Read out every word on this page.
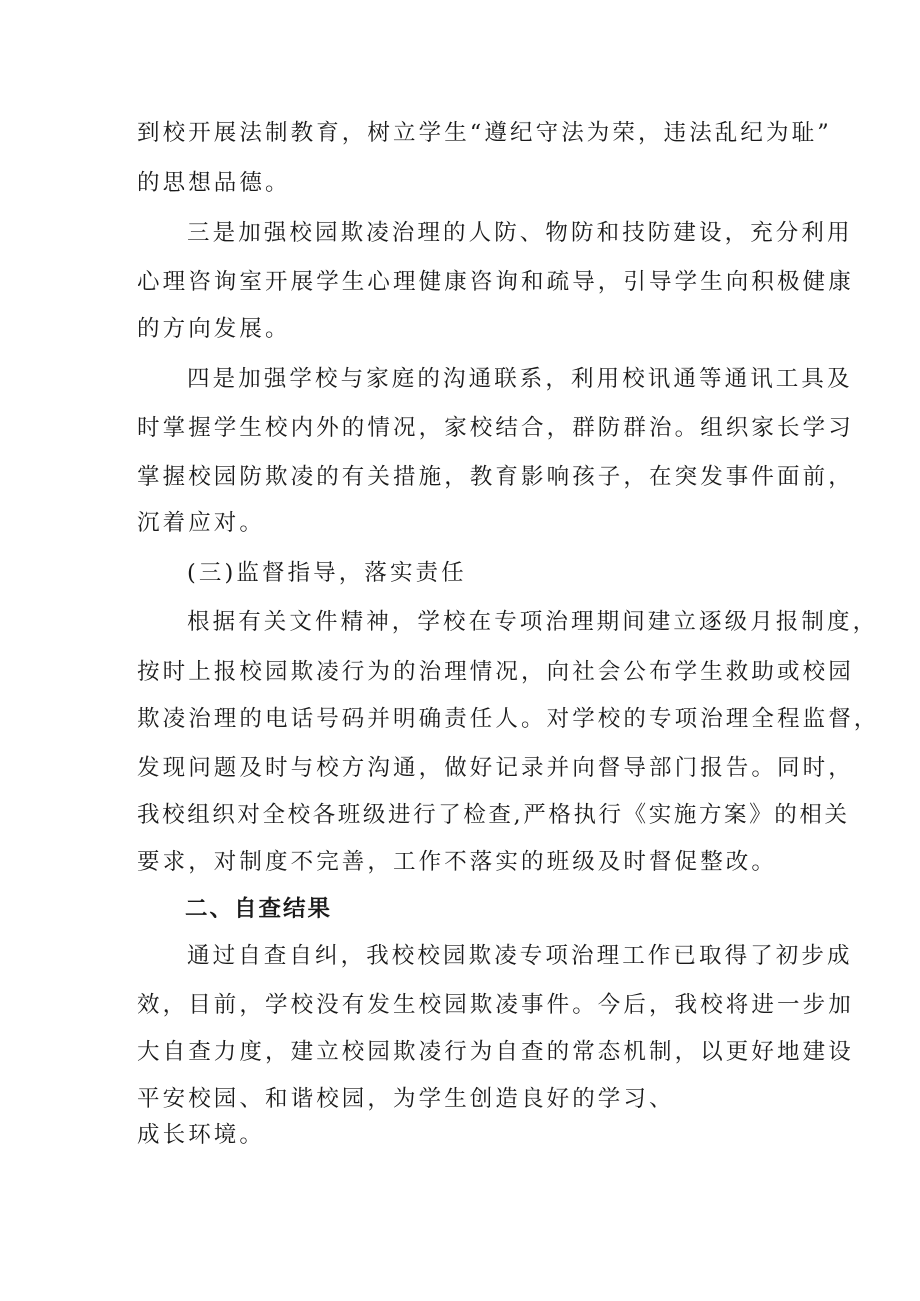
到校开展法制教育，树立学生“遵纪守法为荣，违法乱纪为耻”
的思想品德。
三是加强校园欺凌治理的人防、物防和技防建设，充分利用
心理咨询室开展学生心理健康咨询和疏导，引导学生向积极健康
的方向发展。
四是加强学校与家庭的沟通联系，利用校讯通等通讯工具及
时掌握学生校内外的情况，家校结合，群防群治。组织家长学习
掌握校园防欺凌的有关措施，教育影响孩子，在突发事件面前，
沉着应对。
(三)监督指导，落实责任
根据有关文件精神，学校在专项治理期间建立逐级月报制度，
按时上报校园欺凌行为的治理情况，向社会公布学生救助或校园
欺凌治理的电话号码并明确责任人。对学校的专项治理全程监督，
发现问题及时与校方沟通，做好记录并向督导部门报告。同时，
我校组织对全校各班级进行了检查,严格执行《实施方案》的相关
要求，对制度不完善，工作不落实的班级及时督促整改。
二、自查结果
通过自查自纠，我校校园欺凌专项治理工作已取得了初步成
效，目前，学校没有发生校园欺凌事件。今后，我校将进一步加
大自查力度，建立校园欺凌行为自查的常态机制，以更好地建设
平安校园、和谐校园，为学生创造良好的学习、
成长环境。
